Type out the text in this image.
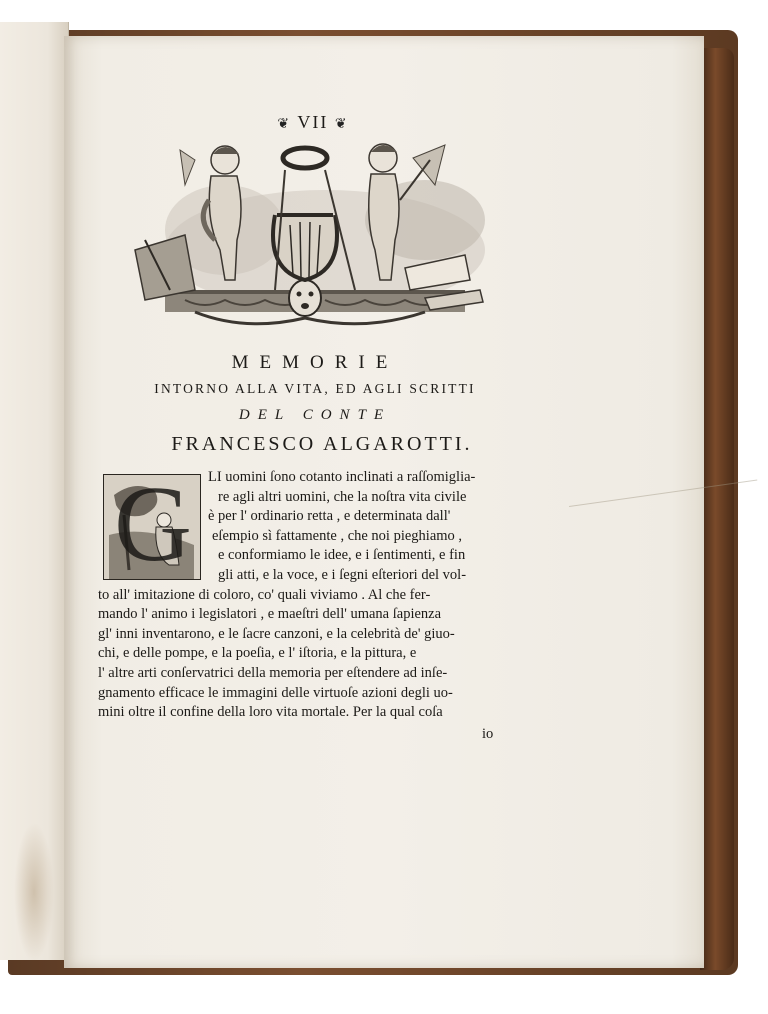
❦ VII ❦
MEMORIE
INTORNO ALLA VITA, ED AGLI SCRITTI
DEL CONTE
FRANCESCO ALGAROTTI.
G LI uomini ſono cotanto inclinati a raſſomiglia-
re agli altri uomini, che la noſtra vita civile
è per l' ordinario retta , e determinata dall'
eſempio sì fattamente , che noi pieghiamo ,
e conformiamo le idee, e i ſentimenti, e fin
gli atti, e la voce, e i ſegni eſteriori del vol-
to all' imitazione di coloro, co' quali viviamo . Al che fer-
mando l' animo i legislatori , e maeſtri dell' umana ſapienza
gl' inni inventarono, e le ſacre canzoni, e la celebrità de' giuo-
chi, e delle pompe, e la poeſia, e l' iſtoria, e la pittura, e
l' altre arti conſervatrici della memoria per eſtendere ad inſe-
gnamento efficace le immagini delle virtuoſe azioni degli uo-
mini oltre il confine della loro vita mortale. Per la qual coſa
io
